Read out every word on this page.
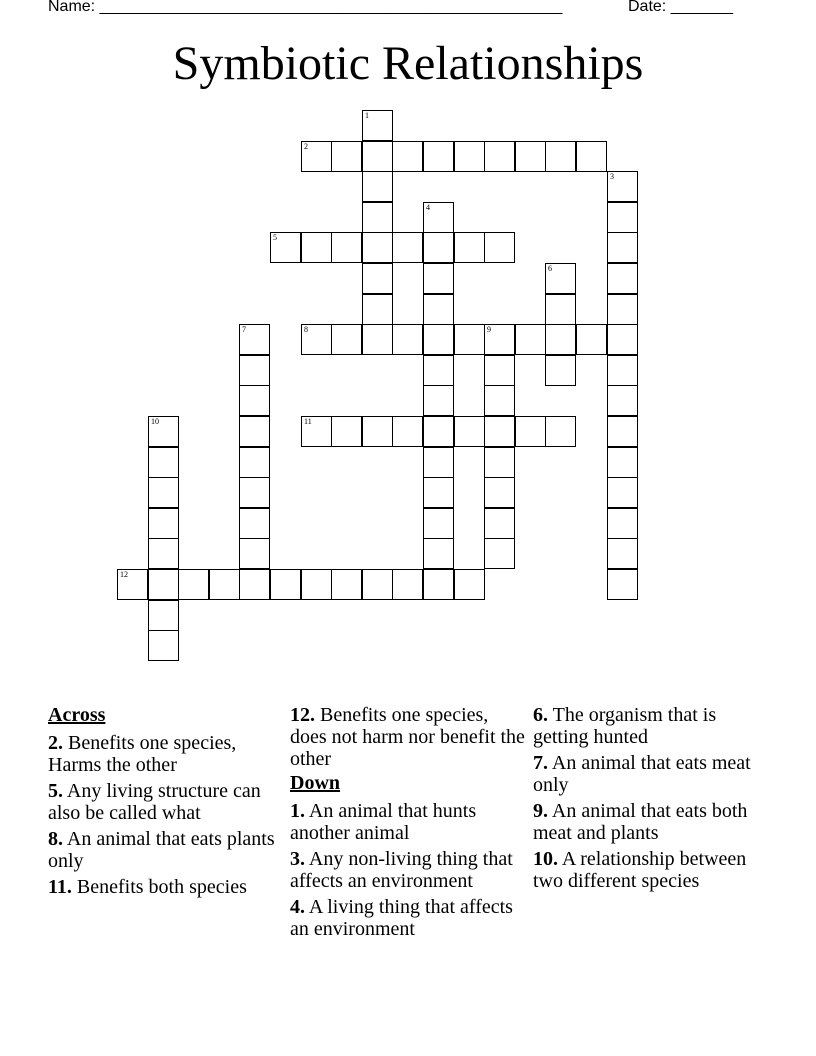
Name: ____________________________________________________	Date: _______
Symbiotic Relationships
1
2
3
4
5
6
7	8	9
10	11
12
Across
2. Benefits one species, Harms the other
5. Any living structure can also be called what
8. An animal that eats plants only
11. Benefits both species
12. Benefits one species, does not harm nor benefit the other
Down
1. An animal that hunts another animal
3. Any non-living thing that affects an environment
4. A living thing that affects an environment
6. The organism that is getting hunted
7. An animal that eats meat only
9. An animal that eats both meat and plants
10. A relationship between two different species
